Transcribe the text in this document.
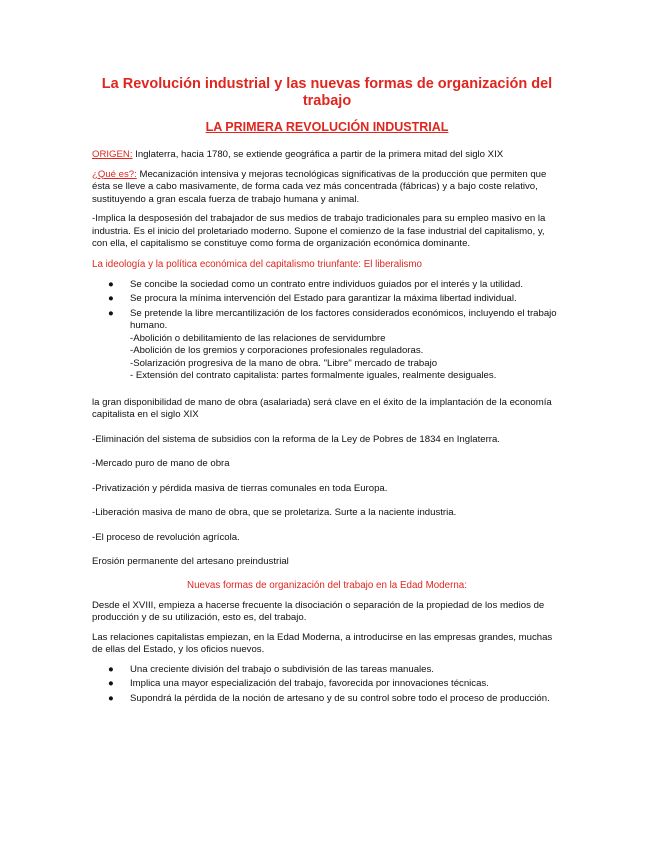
La Revolución industrial y las nuevas formas de organización del trabajo
LA PRIMERA REVOLUCIÓN INDUSTRIAL

ORIGEN: Inglaterra, hacia 1780, se extiende geográfica a partir de la primera mitad del siglo XIX

¿Qué es?: Mecanización intensiva y mejoras tecnológicas significativas de la producción que permiten que ésta se lleve a cabo masivamente, de forma cada vez más concentrada (fábricas) y a bajo coste relativo, sustituyendo a gran escala fuerza de trabajo humana y animal.

-Implica la desposesión del trabajador de sus medios de trabajo tradicionales para su empleo masivo en la industria. Es el inicio del proletariado moderno. Supone el comienzo de la fase industrial del capitalismo, y, con ella, el capitalismo se constituye como forma de organización económica dominante.

La ideología y la política económica del capitalismo triunfante: El liberalismo
● Se concibe la sociedad como un contrato entre individuos guiados por el interés y la utilidad.
● Se procura la mínima intervención del Estado para garantizar la máxima libertad individual.
● Se pretende la libre mercantilización de los factores considerados económicos, incluyendo el trabajo humano.
-Abolición o debilitamiento de las relaciones de servidumbre
-Abolición de los gremios y corporaciones profesionales reguladoras.
-Solarización progresiva de la mano de obra. "Libre" mercado de trabajo
- Extensión del contrato capitalista: partes formalmente iguales, realmente desiguales.

la gran disponibilidad de mano de obra (asalariada) será clave en el éxito de la implantación de la economía capitalista en el siglo XIX

-Eliminación del sistema de subsidios con la reforma de la Ley de Pobres de 1834 en Inglaterra.

-Mercado puro de mano de obra

-Privatización y pérdida masiva de tierras comunales en toda Europa.

-Liberación masiva de mano de obra, que se proletariza. Surte a la naciente industria.

-El proceso de revolución agrícola.

Erosión permanente del artesano preindustrial

Nuevas formas de organización del trabajo en la Edad Moderna:

Desde el XVIII, empieza a hacerse frecuente la disociación o separación de la propiedad de los medios de producción y de su utilización, esto es, del trabajo.

Las relaciones capitalistas empiezan, en la Edad Moderna, a introducirse en las empresas grandes, muchas de ellas del Estado, y los oficios nuevos.

● Una creciente división del trabajo o subdivisión de las tareas manuales.
● Implica una mayor especialización del trabajo, favorecida por innovaciones técnicas.
● Supondrá la pérdida de la noción de artesano y de su control sobre todo el proceso de producción.
